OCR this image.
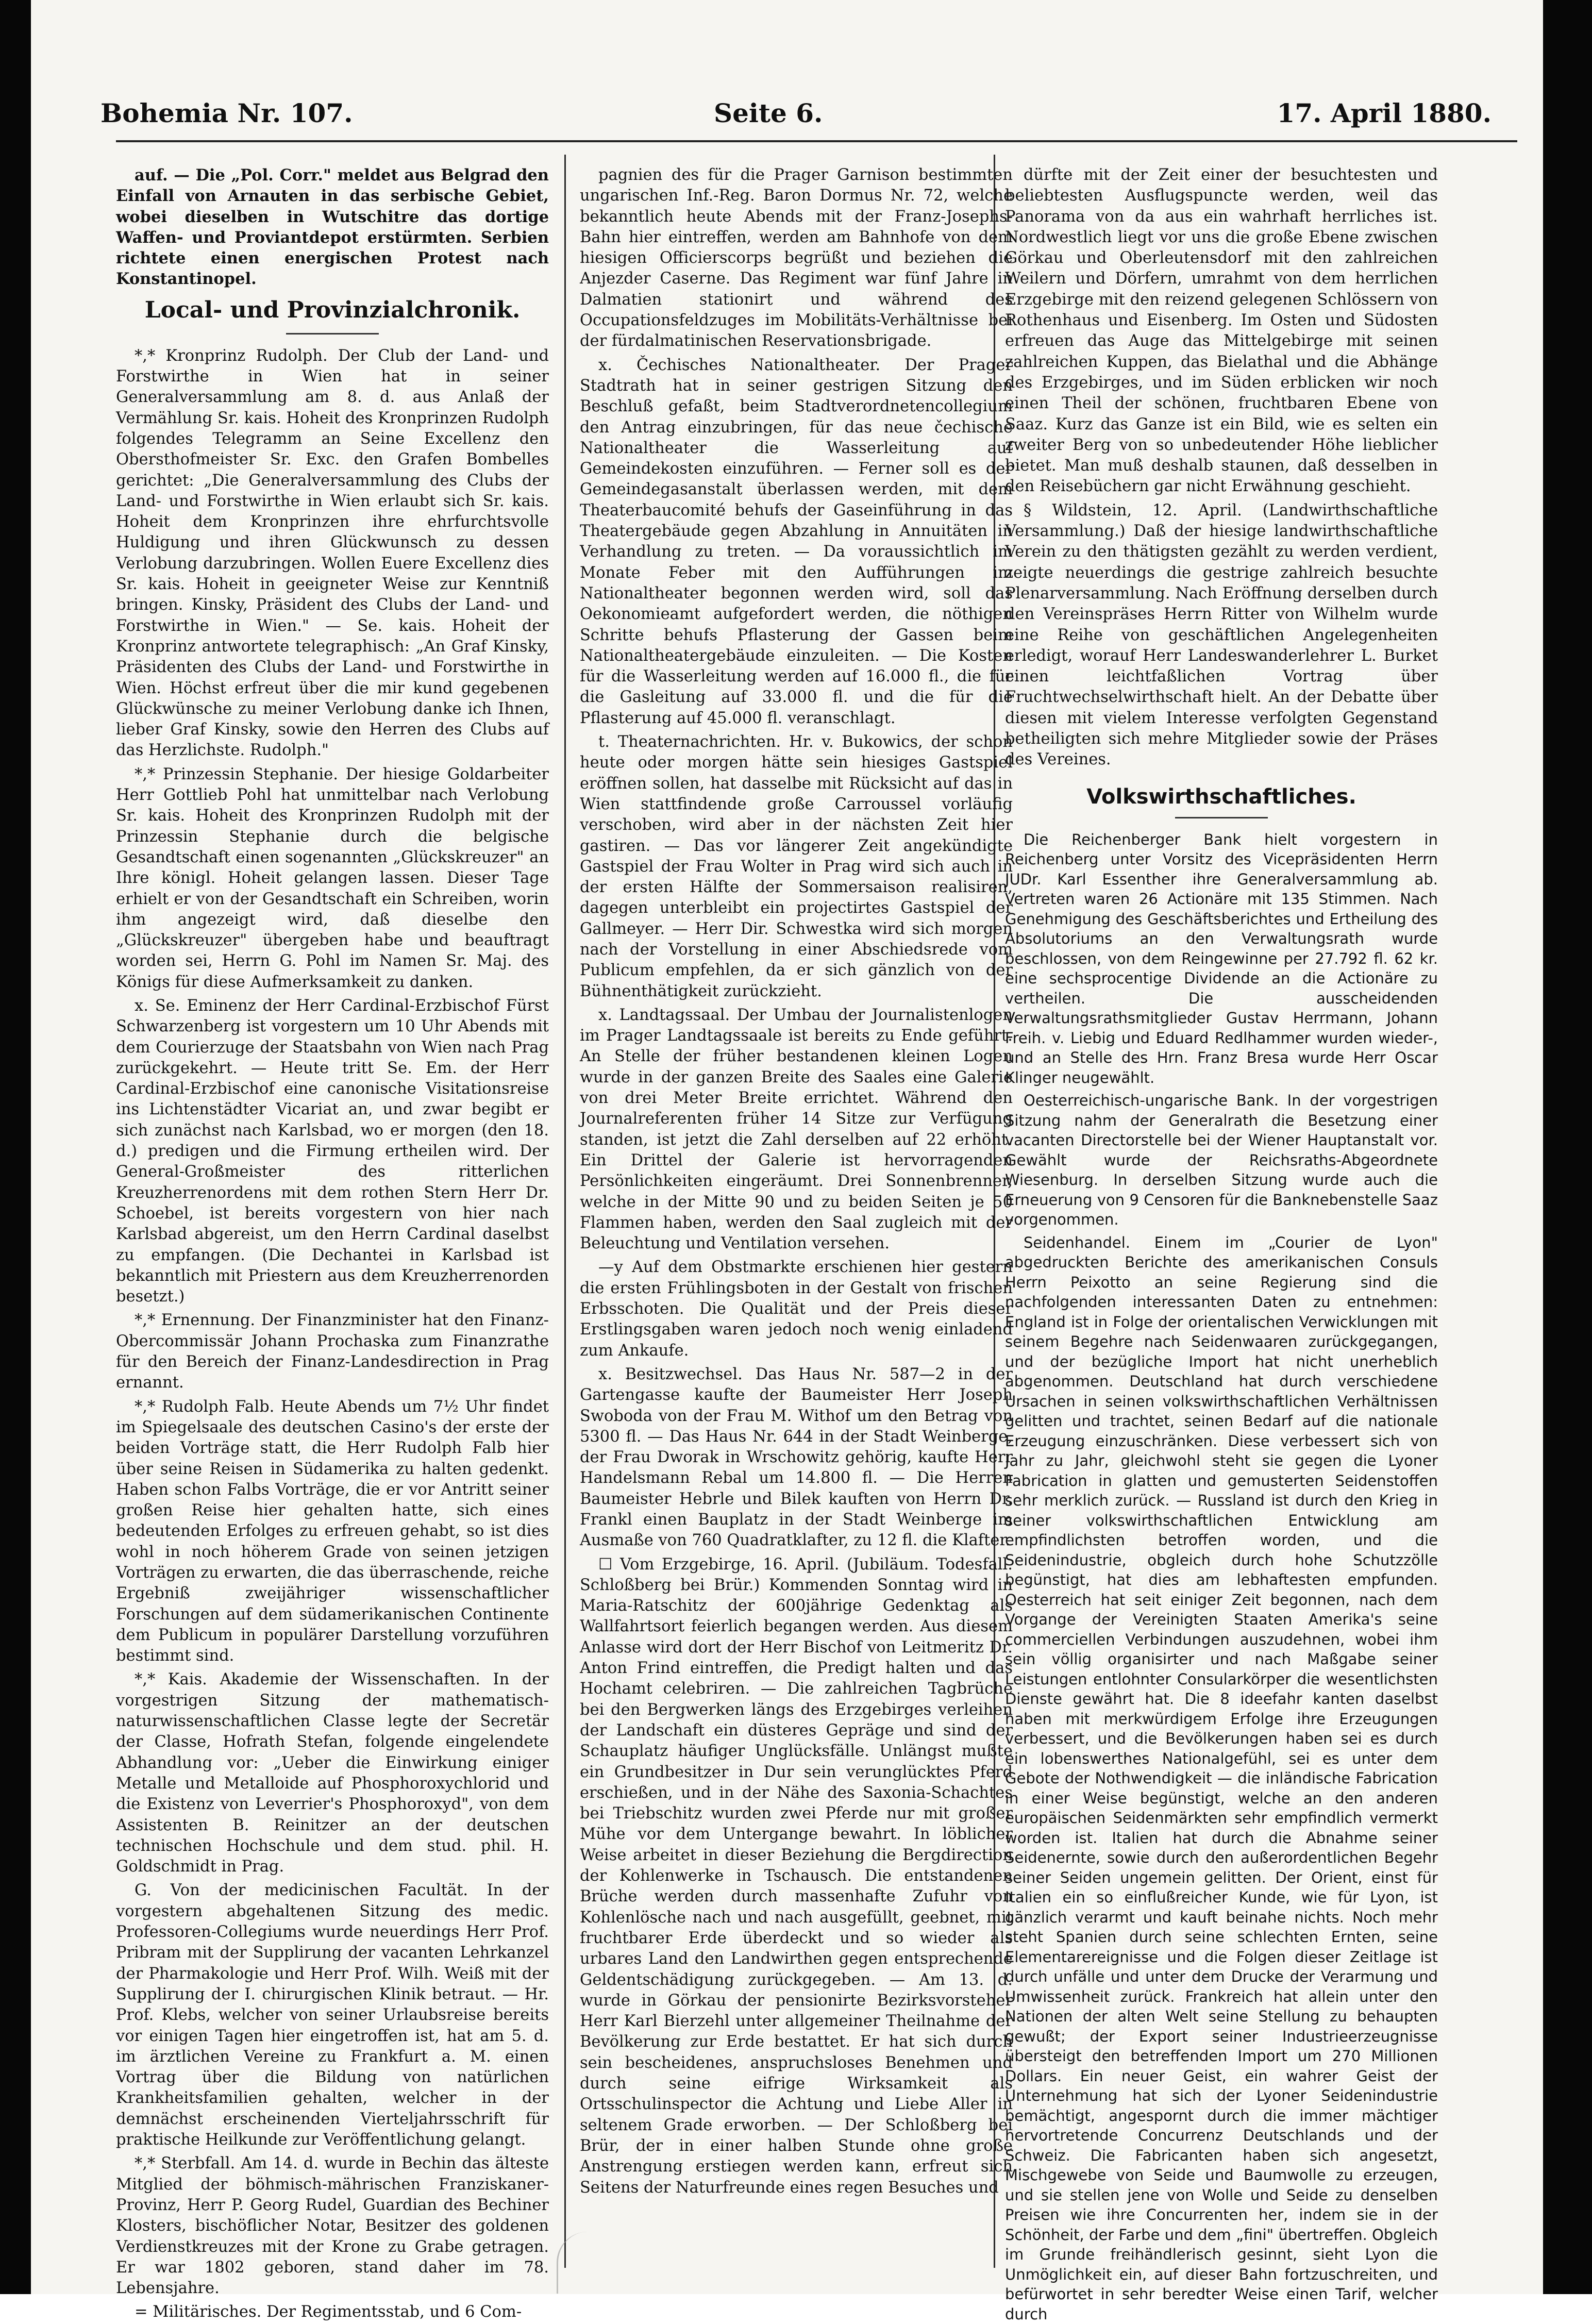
Bohemia Nr. 107.	Seite 6.	17. April 1880.

auf. — Die „Pol. Corr." meldet aus Belgrad den Einfall von Arnauten in das serbische Gebiet, wobei dieselben in Wutschitre das dortige Waffen- und Proviantdepot erstürmten. Serbien richtete einen energischen Protest nach Konstantinopel.

Local- und Provinzialchronik.

*,* Kronprinz Rudolph. Der Club der Land- und Forstwirthe in Wien hat in seiner Generalversammlung am 8. d. aus Anlaß der Vermählung Sr. kais. Hoheit des Kronprinzen Rudolph folgendes Telegramm an Seine Excellenz den Obersthofmeister Sr. Exc. den Grafen Bombelles gerichtet: „Die Generalversammlung des Clubs der Land- und Forstwirthe in Wien erlaubt sich Sr. kais. Hoheit dem Kronprinzen ihre ehrfurchtsvolle Huldigung und ihren Glückwunsch zu dessen Verlobung darzubringen. Wollen Euere Excellenz dies Sr. kais. Hoheit in geeigneter Weise zur Kenntniß bringen. Kinsky, Präsident des Clubs der Land- und Forstwirthe in Wien." — Se. kais. Hoheit der Kronprinz antwortete telegraphisch: „An Graf Kinsky, Präsidenten des Clubs der Land- und Forstwirthe in Wien. Höchst erfreut über die mir kund gegebenen Glückwünsche zu meiner Verlobung danke ich Ihnen, lieber Graf Kinsky, sowie den Herren des Clubs auf das Herzlichste. Rudolph."

*,* Prinzessin Stephanie. Der hiesige Goldarbeiter Herr Gottlieb Pohl hat unmittelbar nach Verlobung Sr. kais. Hoheit des Kronprinzen Rudolph mit der Prinzessin Stephanie durch die belgische Gesandtschaft einen sogenannten „Glückskreuzer" an Ihre königl. Hoheit gelangen lassen. Dieser Tage erhielt er von der Gesandtschaft ein Schreiben, worin ihm angezeigt wird, daß dieselbe den „Glückskreuzer" übergeben habe und beauftragt worden sei, Herrn G. Pohl im Namen Sr. Maj. des Königs für diese Aufmerksamkeit zu danken.

x. Se. Eminenz der Herr Cardinal-Erzbischof Fürst Schwarzenberg ist vorgestern um 10 Uhr Abends mit dem Courierzuge der Staatsbahn von Wien nach Prag zurückgekehrt. — Heute tritt Se. Em. der Herr Cardinal-Erzbischof eine canonische Visitationsreise ins Lichtenstädter Vicariat an, und zwar begibt er sich zunächst nach Karlsbad, wo er morgen (den 18. d.) predigen und die Firmung ertheilen wird. Der General-Großmeister des ritterlichen Kreuzherrenordens mit dem rothen Stern Herr Dr. Schoebel, ist bereits vorgestern von hier nach Karlsbad abgereist, um den Herrn Cardinal daselbst zu empfangen. (Die Dechantei in Karlsbad ist bekanntlich mit Priestern aus dem Kreuzherrenorden besetzt.)

*,* Ernennung. Der Finanzminister hat den Finanz-Obercommissär Johann Prochaska zum Finanzrathe für den Bereich der Finanz-Landesdirection in Prag ernannt.

*,* Rudolph Falb. Heute Abends um 7½ Uhr findet im Spiegelsaale des deutschen Casino's der erste der beiden Vorträge statt, die Herr Rudolph Falb hier über seine Reisen in Südamerika zu halten gedenkt. Haben schon Falbs Vorträge, die er vor Antritt seiner großen Reise hier gehalten hatte, sich eines bedeutenden Erfolges zu erfreuen gehabt, so ist dies wohl in noch höherem Grade von seinen jetzigen Vorträgen zu erwarten, die das überraschende, reiche Ergebniß zweijähriger wissenschaftlicher Forschungen auf dem südamerikanischen Continente dem Publicum in populärer Darstellung vorzuführen bestimmt sind.

*,* Kais. Akademie der Wissenschaften. In der vorgestrigen Sitzung der mathematisch-naturwissenschaftlichen Classe legte der Secretär der Classe, Hofrath Stefan, folgende eingelendete Abhandlung vor: „Ueber die Einwirkung einiger Metalle und Metalloide auf Phosphoroxychlorid und die Existenz von Leverrier's Phosphoroxyd", von dem Assistenten B. Reinitzer an der deutschen technischen Hochschule und dem stud. phil. H. Goldschmidt in Prag.

G. Von der medicinischen Facultät. In der vorgestern abgehaltenen Sitzung des medic. Professoren-Collegiums wurde neuerdings Herr Prof. Pribram mit der Supplirung der vacanten Lehrkanzel der Pharmakologie und Herr Prof. Wilh. Weiß mit der Supplirung der I. chirurgischen Klinik betraut. — Hr. Prof. Klebs, welcher von seiner Urlaubsreise bereits vor einigen Tagen hier eingetroffen ist, hat am 5. d. im ärztlichen Vereine zu Frankfurt a. M. einen Vortrag über die Bildung von natürlichen Krankheitsfamilien gehalten, welcher in der demnächst erscheinenden Vierteljahrsschrift für praktische Heilkunde zur Veröffentlichung gelangt.

*,* Sterbfall. Am 14. d. wurde in Bechin das älteste Mitglied der böhmisch-mährischen Franziskaner-Provinz, Herr P. Georg Rudel, Guardian des Bechiner Klosters, bischöflicher Notar, Besitzer des goldenen Verdienstkreuzes mit der Krone zu Grabe getragen. Er war 1802 geboren, stand daher im 78. Lebensjahre.

= Militärisches. Der Regimentsstab, und 6 Com-

pagnien des für die Prager Garnison bestimmten ungarischen Inf.-Reg. Baron Dormus Nr. 72, welche bekanntlich heute Abends mit der Franz-Josephs-Bahn hier eintreffen, werden am Bahnhofe von dem hiesigen Officierscorps begrüßt und beziehen die Anjezder Caserne. Das Regiment war fünf Jahre in Dalmatien stationirt und während des Occupationsfeldzuges im Mobilitäts-Verhältnisse bei der fürdalmatinischen Reservationsbrigade.

x. Čechisches Nationaltheater. Der Prager Stadtrath hat in seiner gestrigen Sitzung den Beschluß gefaßt, beim Stadtverordnetencollegium den Antrag einzubringen, für das neue čechische Nationaltheater die Wasserleitung auf Gemeindekosten einzuführen. — Ferner soll es der Gemeindegasanstalt überlassen werden, mit dem Theaterbaucomité behufs der Gaseinführung in das Theatergebäude gegen Abzahlung in Annuitäten in Verhandlung zu treten. — Da voraussichtlich im Monate Feber mit den Aufführungen im Nationaltheater begonnen werden wird, soll das Oekonomieamt aufgefordert werden, die nöthigen Schritte behufs Pflasterung der Gassen beim Nationaltheatergebäude einzuleiten. — Die Kosten für die Wasserleitung werden auf 16.000 fl., die für die Gasleitung auf 33.000 fl. und die für die Pflasterung auf 45.000 fl. veranschlagt.

t. Theaternachrichten. Hr. v. Bukowics, der schon heute oder morgen hätte sein hiesiges Gastspiel eröffnen sollen, hat dasselbe mit Rücksicht auf das in Wien stattfindende große Carroussel vorläufig verschoben, wird aber in der nächsten Zeit hier gastiren. — Das vor längerer Zeit angekündigte Gastspiel der Frau Wolter in Prag wird sich auch in der ersten Hälfte der Sommersaison realisiren, dagegen unterbleibt ein projectirtes Gastspiel der Gallmeyer. — Herr Dir. Schwestka wird sich morgen nach der Vorstellung in einer Abschiedsrede vom Publicum empfehlen, da er sich gänzlich von der Bühnenthätigkeit zurückzieht.

x. Landtagssaal. Der Umbau der Journalistenlogen im Prager Landtagssaale ist bereits zu Ende geführt. An Stelle der früher bestandenen kleinen Logen wurde in der ganzen Breite des Saales eine Galerie von drei Meter Breite errichtet. Während den Journalreferenten früher 14 Sitze zur Verfügung standen, ist jetzt die Zahl derselben auf 22 erhöht. Ein Drittel der Galerie ist hervorragenden Persönlichkeiten eingeräumt. Drei Sonnenbrenner, welche in der Mitte 90 und zu beiden Seiten je 50 Flammen haben, werden den Saal zugleich mit der Beleuchtung und Ventilation versehen.

—y Auf dem Obstmarkte erschienen hier gestern die ersten Frühlingsboten in der Gestalt von frischen Erbsschoten. Die Qualität und der Preis dieser Erstlingsgaben waren jedoch noch wenig einladend zum Ankaufe.

x. Besitzwechsel. Das Haus Nr. 587—2 in der Gartengasse kaufte der Baumeister Herr Joseph Swoboda von der Frau M. Withof um den Betrag von 5300 fl. — Das Haus Nr. 644 in der Stadt Weinberge, der Frau Dworak in Wrschowitz gehörig, kaufte Herr Handelsmann Rebal um 14.800 fl. — Die Herren Baumeister Hebrle und Bilek kauften von Herrn Dr. Frankl einen Bauplatz in der Stadt Weinberge im Ausmaße von 760 Quadratklafter, zu 12 fl. die Klafter.

☐ Vom Erzgebirge, 16. April. (Jubiläum. Todesfall. Schloßberg bei Brür.) Kommenden Sonntag wird in Maria-Ratschitz der 600jährige Gedenktag als Wallfahrtsort feierlich begangen werden. Aus diesem Anlasse wird dort der Herr Bischof von Leitmeritz Dr. Anton Frind eintreffen, die Predigt halten und das Hochamt celebriren. — Die zahlreichen Tagbrüche bei den Bergwerken längs des Erzgebirges verleihen der Landschaft ein düsteres Gepräge und sind der Schauplatz häufiger Unglücksfälle. Unlängst mußte ein Grundbesitzer in Dur sein verunglücktes Pferd erschießen, und in der Nähe des Saxonia-Schachtes bei Triebschitz wurden zwei Pferde nur mit großer Mühe vor dem Untergange bewahrt. In löblicher Weise arbeitet in dieser Beziehung die Bergdirection der Kohlenwerke in Tschausch. Die entstandenen Brüche werden durch massenhafte Zufuhr von Kohlenlösche nach und nach ausgefüllt, geebnet, mit fruchtbarer Erde überdeckt und so wieder als urbares Land den Landwirthen gegen entsprechende Geldentschädigung zurückgegeben. — Am 13. d. wurde in Görkau der pensionirte Bezirksvorsteher Herr Karl Bierzehl unter allgemeiner Theilnahme der Bevölkerung zur Erde bestattet. Er hat sich durch sein bescheidenes, anspruchsloses Benehmen und durch seine eifrige Wirksamkeit als Ortsschulinspector die Achtung und Liebe Aller in seltenem Grade erworben. — Der Schloßberg bei Brür, der in einer halben Stunde ohne große Anstrengung erstiegen werden kann, erfreut sich Seitens der Naturfreunde eines regen Besuches und

dürfte mit der Zeit einer der besuchtesten und beliebtesten Ausflugspuncte werden, weil das Panorama von da aus ein wahrhaft herrliches ist. Nordwestlich liegt vor uns die große Ebene zwischen Görkau und Oberleutensdorf mit den zahlreichen Weilern und Dörfern, umrahmt von dem herrlichen Erzgebirge mit den reizend gelegenen Schlössern von Rothenhaus und Eisenberg. Im Osten und Südosten erfreuen das Auge das Mittelgebirge mit seinen zahlreichen Kuppen, das Bielathal und die Abhänge des Erzgebirges, und im Süden erblicken wir noch einen Theil der schönen, fruchtbaren Ebene von Saaz. Kurz das Ganze ist ein Bild, wie es selten ein zweiter Berg von so unbedeutender Höhe lieblicher bietet. Man muß deshalb staunen, daß desselben in den Reisebüchern gar nicht Erwähnung geschieht.

§ Wildstein, 12. April. (Landwirthschaftliche Versammlung.) Daß der hiesige landwirthschaftliche Verein zu den thätigsten gezählt zu werden verdient, zeigte neuerdings die gestrige zahlreich besuchte Plenarversammlung. Nach Eröffnung derselben durch den Vereinspräses Herrn Ritter von Wilhelm wurde eine Reihe von geschäftlichen Angelegenheiten erledigt, worauf Herr Landeswanderlehrer L. Burket einen leichtfaßlichen Vortrag über Fruchtwechselwirthschaft hielt. An der Debatte über diesen mit vielem Interesse verfolgten Gegenstand betheiligten sich mehre Mitglieder sowie der Präses des Vereines.

Volkswirthschaftliches.

Die Reichenberger Bank hielt vorgestern in Reichenberg unter Vorsitz des Vicepräsidenten Herrn JUDr. Karl Essenther ihre Generalversammlung ab. Vertreten waren 26 Actionäre mit 135 Stimmen. Nach Genehmigung des Geschäftsberichtes und Ertheilung des Absolutoriums an den Verwaltungsrath wurde beschlossen, von dem Reingewinne per 27.792 fl. 62 kr. eine sechsprocentige Dividende an die Actionäre zu vertheilen. Die ausscheidenden Verwaltungsrathsmitglieder Gustav Herrmann, Johann Freih. v. Liebig und Eduard Redlhammer wurden wieder-, und an Stelle des Hrn. Franz Bresa wurde Herr Oscar Klinger neugewählt.

Oesterreichisch-ungarische Bank. In der vorgestrigen Sitzung nahm der Generalrath die Besetzung einer vacanten Directorstelle bei der Wiener Hauptanstalt vor. Gewählt wurde der Reichsraths-Abgeordnete Wiesenburg. In derselben Sitzung wurde auch die Erneuerung von 9 Censoren für die Banknebenstelle Saaz vorgenommen.

Seidenhandel. Einem im „Courier de Lyon" abgedruckten Berichte des amerikanischen Consuls Herrn Peixotto an seine Regierung sind die nachfolgenden interessanten Daten zu entnehmen: England ist in Folge der orientalischen Verwicklungen mit seinem Begehre nach Seidenwaaren zurückgegangen, und der bezügliche Import hat nicht unerheblich abgenommen. Deutschland hat durch verschiedene Ursachen in seinen volkswirthschaftlichen Verhältnissen gelitten und trachtet, seinen Bedarf auf die nationale Erzeugung einzuschränken. Diese verbessert sich von Jahr zu Jahr, gleichwohl steht sie gegen die Lyoner Fabrication in glatten und gemusterten Seidenstoffen sehr merklich zurück. — Russland ist durch den Krieg in seiner volkswirthschaftlichen Entwicklung am empfindlichsten betroffen worden, und die Seidenindustrie, obgleich durch hohe Schutzzölle begünstigt, hat dies am lebhaftesten empfunden. Oesterreich hat seit einiger Zeit begonnen, nach dem Vorgange der Vereinigten Staaten Amerika's seine commerciellen Verbindungen auszudehnen, wobei ihm sein völlig organisirter und nach Maßgabe seiner Leistungen entlohnter Consularkörper die wesentlichsten Dienste gewährt hat. Die 8 ideefahr kanten daselbst haben mit merkwürdigem Erfolge ihre Erzeugungen verbessert, und die Bevölkerungen haben sei es durch ein lobenswerthes Nationalgefühl, sei es unter dem Gebote der Nothwendigkeit — die inländische Fabrication in einer Weise begünstigt, welche an den anderen europäischen Seidenmärkten sehr empfindlich vermerkt worden ist. Italien hat durch die Abnahme seiner Seidenernte, sowie durch den außerordentlichen Begehr seiner Seiden ungemein gelitten. Der Orient, einst für Italien ein so einflußreicher Kunde, wie für Lyon, ist gänzlich verarmt und kauft beinahe nichts. Noch mehr steht Spanien durch seine schlechten Ernten, seine Elementarereignisse und die Folgen dieser Zeitlage ist durch unfälle und unter dem Drucke der Verarmung und Umwissenheit zurück. Frankreich hat allein unter den Nationen der alten Welt seine Stellung zu behaupten gewußt; der Export seiner Industrieerzeugnisse übersteigt den betreffenden Import um 270 Millionen Dollars. Ein neuer Geist, ein wahrer Geist der Unternehmung hat sich der Lyoner Seidenindustrie bemächtigt, angespornt durch die immer mächtiger hervortretende Concurrenz Deutschlands und der Schweiz. Die Fabricanten haben sich angesetzt, Mischgewebe von Seide und Baumwolle zu erzeugen, und sie stellen jene von Wolle und Seide zu denselben Preisen wie ihre Concurrenten her, indem sie in der Schönheit, der Farbe und dem „fini" übertreffen. Obgleich im Grunde freihändlerisch gesinnt, sieht Lyon die Unmöglichkeit ein, auf dieser Bahn fortzuschreiten, und befürwortet in sehr beredter Weise einen Tarif, welcher durch
